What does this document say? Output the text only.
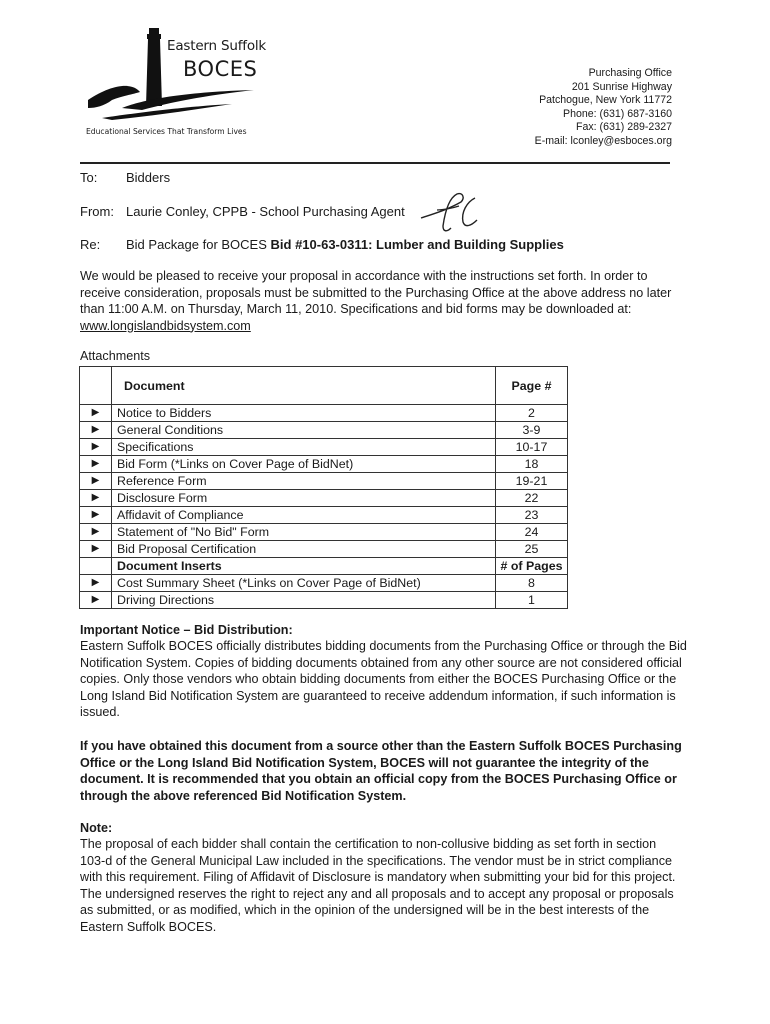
Eastern Suffolk
BOCES
Educational Services That Transform Lives
Purchasing Office
201 Sunrise Highway
Patchogue, New York 11772
Phone: (631) 687-3160
Fax: (631) 289-2327
E-mail: lconley@esboces.org
To: Bidders
From: Laurie Conley, CPPB - School Purchasing Agent
Re: Bid Package for BOCES Bid #10-63-0311: Lumber and Building Supplies

We would be pleased to receive your proposal in accordance with the instructions set forth. In order to receive consideration, proposals must be submitted to the Purchasing Office at the above address no later than 11:00 A.M. on Thursday, March 11, 2010. Specifications and bid forms may be downloaded at: www.longislandbidsystem.com

Attachments
	Document	Page #
▶	Notice to Bidders	2
▶	General Conditions	3-9
▶	Specifications	10-17
▶	Bid Form (*Links on Cover Page of BidNet)	18
▶	Reference Form	19-21
▶	Disclosure Form	22
▶	Affidavit of Compliance	23
▶	Statement of "No Bid" Form	24
▶	Bid Proposal Certification	25
	Document Inserts	# of Pages
▶	Cost Summary Sheet (*Links on Cover Page of BidNet)	8
▶	Driving Directions	1
Important Notice – Bid Distribution:

Eastern Suffolk BOCES officially distributes bidding documents from the Purchasing Office or through the Bid Notification System. Copies of bidding documents obtained from any other source are not considered official copies. Only those vendors who obtain bidding documents from either the BOCES Purchasing Office or the Long Island Bid Notification System are guaranteed to receive addendum information, if such information is issued.

If you have obtained this document from a source other than the Eastern Suffolk BOCES Purchasing Office or the Long Island Bid Notification System, BOCES will not guarantee the integrity of the document. It is recommended that you obtain an official copy from the BOCES Purchasing Office or through the above referenced Bid Notification System.

Note:

The proposal of each bidder shall contain the certification to non-collusive bidding as set forth in section 103-d of the General Municipal Law included in the specifications. The vendor must be in strict compliance with this requirement. Filing of Affidavit of Disclosure is mandatory when submitting your bid for this project. The undersigned reserves the right to reject any and all proposals and to accept any proposal or proposals as submitted, or as modified, which in the opinion of the undersigned will be in the best interests of the Eastern Suffolk BOCES.
